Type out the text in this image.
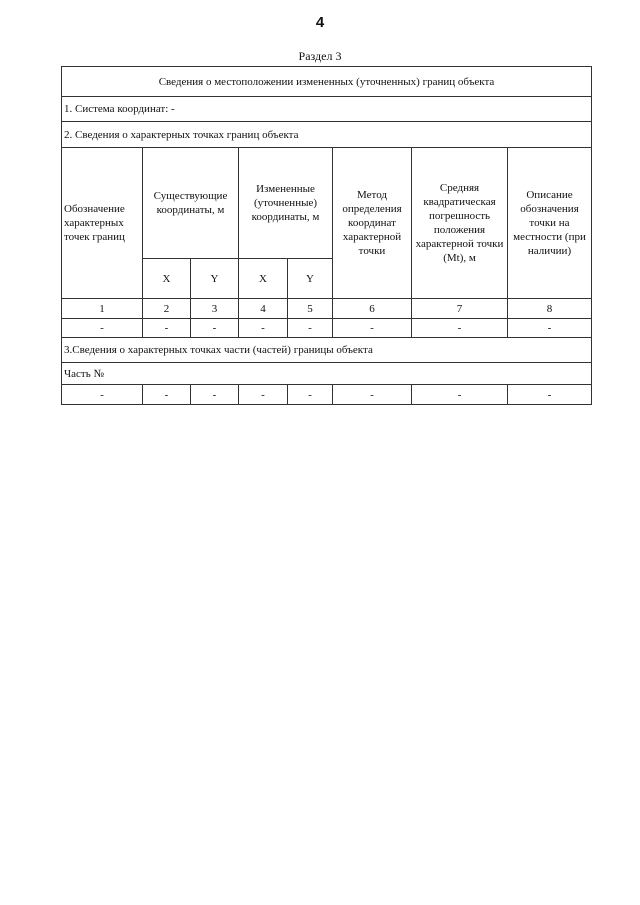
4
Раздел 3
Сведения о местоположении измененных (уточненных) границ объекта							
1. Система координат: -							
2. Сведения о характерных точках границ объекта							
Обозначение характерных точек границ	Существующие координаты, м		Измененные (уточненные) координаты, м		Метод определения координат характерной точки	Средняя квадратическая погрешность положения характерной точки (Mt), м	Описание обозначения точки на местности (при наличии)
	X	Y	X	Y			
1	2	3	4	5	6	7	8
-	-	-	-	-	-	-	-
3.Сведения о характерных точках части (частей) границы объекта							
Часть №							
-	-	-	-	-	-	-	-
